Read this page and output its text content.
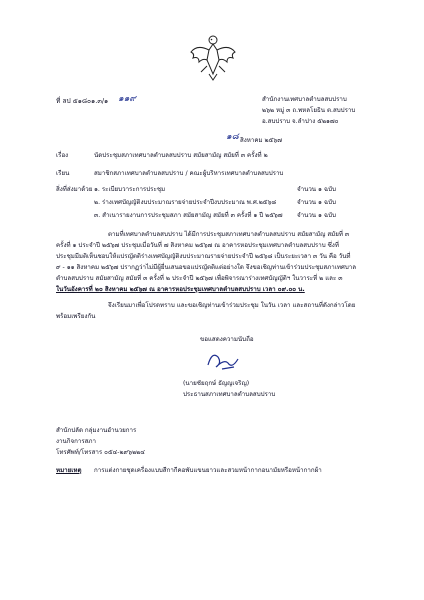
ที่ ลป ๕๑๘๐๑.๓/๑ ๑๑๙	สำนักงานเทศบาลตำบลสบปราบ
๒๖๒ หมู่ ๓ ถ.พหลโยธิน ต.สบปราบ
อ.สบปราบ จ.ลำปาง ๕๒๑๗๐
๑๘ สิงหาคม ๒๕๖๗
เรื่อง	นัดประชุมสภาเทศบาลตำบลสบปราบ สมัยสามัญ สมัยที่ ๓ ครั้งที่ ๒
เรียน	สมาชิกสภาเทศบาลตำบลสบปราบ / คณะผู้บริหารเทศบาลตำบลสบปราบ
สิ่งที่ส่งมาด้วย ๑. ระเบียบวาระการประชุม	จำนวน ๑ ฉบับ
๒. ร่างเทศบัญญัติงบประมาณรายจ่ายประจำปีงบประมาณ พ.ศ.๒๕๖๘	จำนวน ๑ ฉบับ
๓. สำเนารายงานการประชุมสภา สมัยสามัญ สมัยที่ ๓ ครั้งที่ ๑ ปี ๒๕๖๗ จำนวน ๑ ฉบับ
ตามที่เทศบาลตำบลสบปราบ ได้มีการประชุมสภาเทศบาลตำบลสบปราบ สมัยสามัญ สมัยที่ ๓
ครั้งที่ ๑ ประจำปี ๒๕๖๗ ประชุมเมื่อวันที่ ๗ สิงหาคม ๒๕๖๗ ณ อาคารหอประชุมเทศบาลตำบลสบปราบ ซึ่งที่
ประชุมมีมติเห็นชอบให้แปรญัตติร่างเทศบัญญัติงบประมาณรายจ่ายประจำปี ๒๕๖๘ เป็นระยะเวลา ๓ วัน คือ วันที่
๙ - ๑๑ สิงหาคม ๒๕๖๗ ปรากฏว่าไม่มีผู้ยื่นเสนอขอแปรญัตติแต่อย่างใด จึงขอเชิญท่านเข้าร่วมประชุมสภาเทศบาล
ตำบลสบปราบ สมัยสามัญ สมัยที่ ๓ ครั้งที่ ๒ ประจำปี ๒๕๖๗ เพื่อพิจารณาร่างเทศบัญญัติฯ ในวาระที่ ๒ และ ๓
ในวันอังคารที่ ๒๐ สิงหาคม ๒๕๖๗ ณ อาคารหอประชุมเทศบาลตำบลสบปราบ เวลา ๐๙.๐๐ น.
จึงเรียนมาเพื่อโปรดทราบ และขอเชิญท่านเข้าร่วมประชุม ในวัน เวลา และสถานที่ดังกล่าวโดย
พร้อมเพรียงกัน
ขอแสดงความนับถือ
(นายชัยฤกษ์ ธัญญเจริญ)
ประธานสภาเทศบาลตำบลสบปราบ
สำนักปลัด กลุ่มงานอำนวยการ
งานกิจการสภา
โทรศัพท์/โทรสาร ๐๕๔-๒๙๖๒๒๔
หมายเหตุ การแต่งกายชุดเครื่องแบบสีกากีคอพับแขนยาวและสวมหน้ากากอนามัยหรือหน้ากากผ้า
